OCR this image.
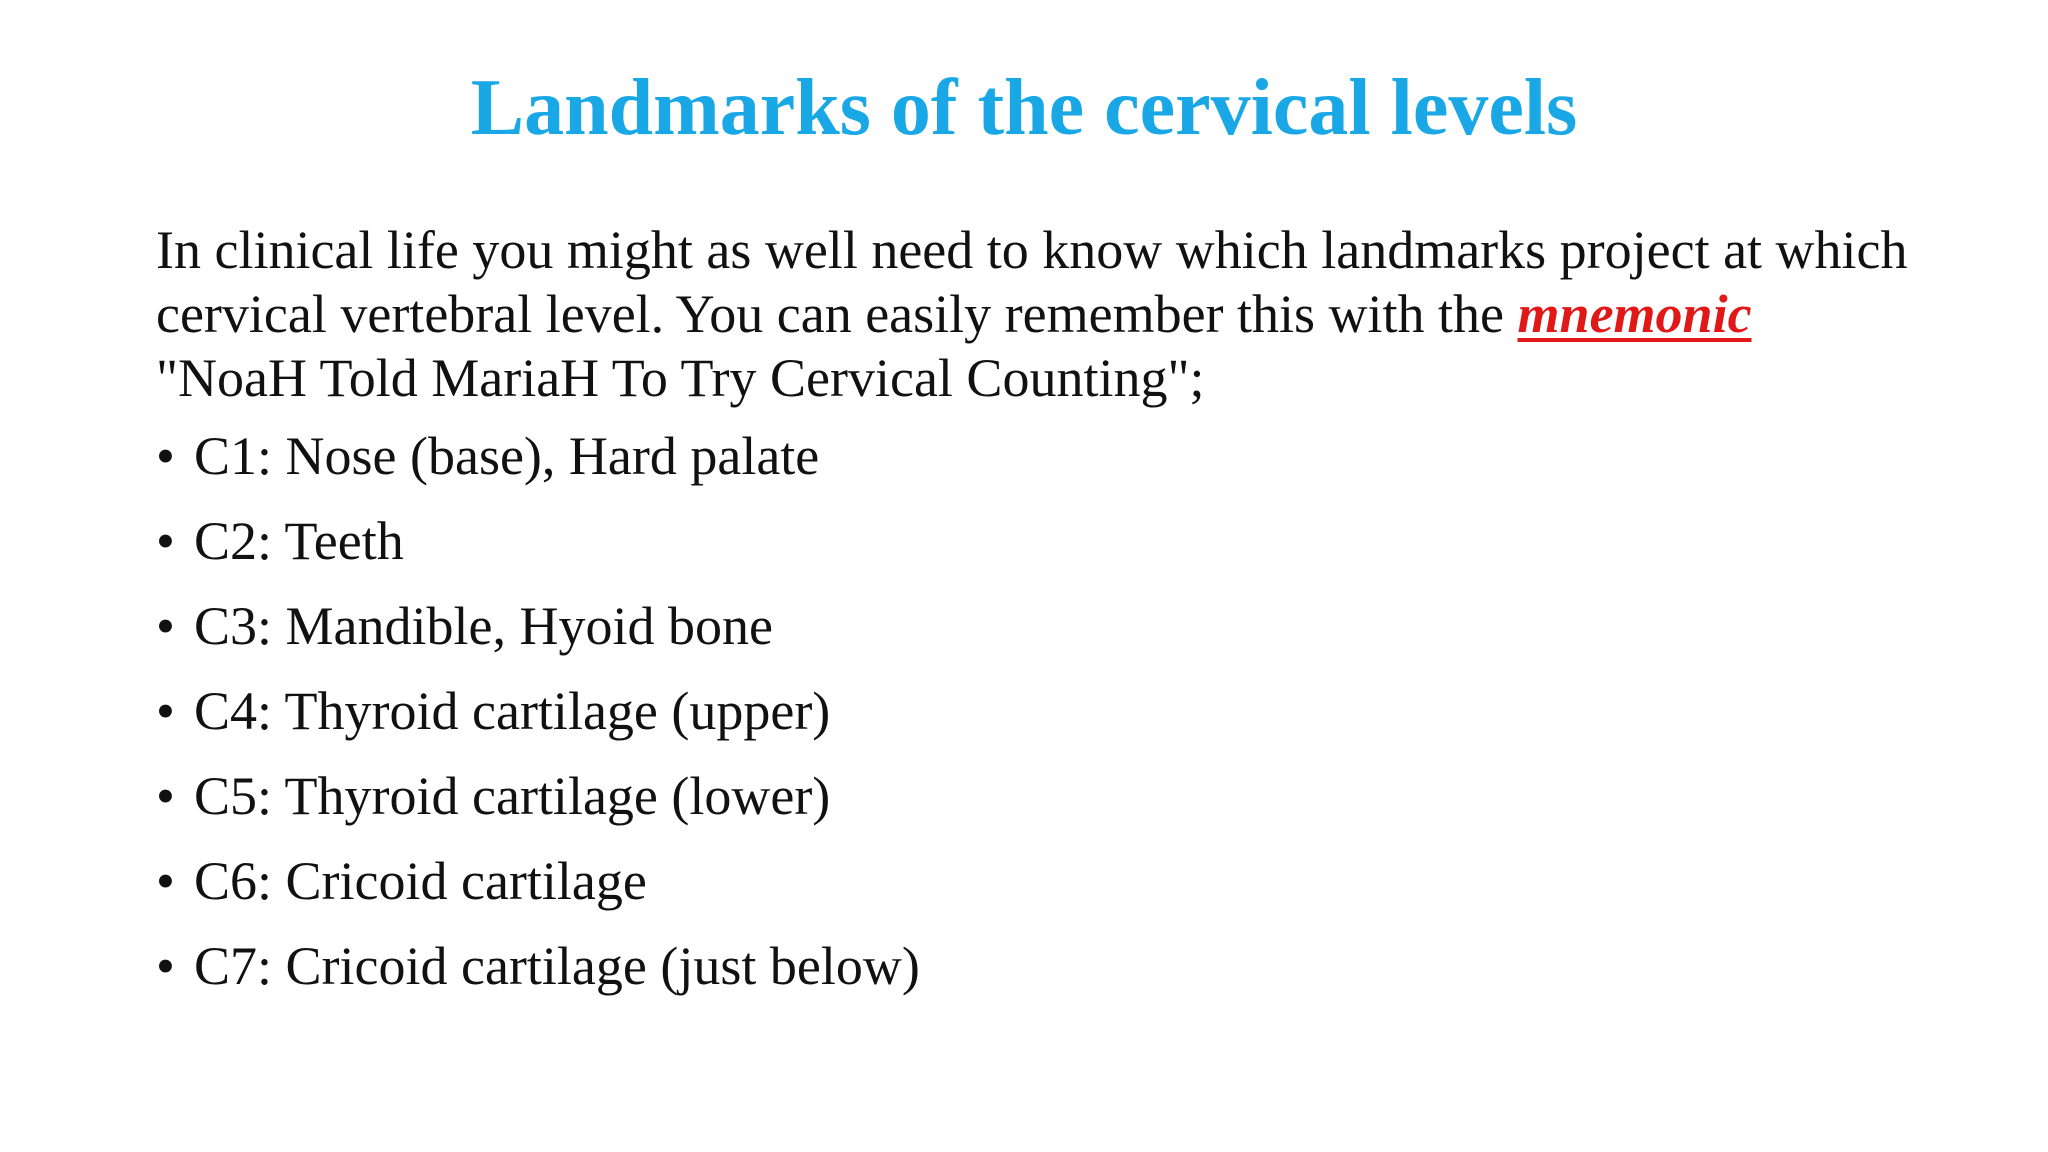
Landmarks of the cervical levels

In clinical life you might as well need to know which landmarks project at which cervical vertebral level. You can easily remember this with the mnemonic "NoaH Told MariaH To Try Cervical Counting";

• C1: Nose (base), Hard palate
• C2: Teeth
• C3: Mandible, Hyoid bone
• C4: Thyroid cartilage (upper)
• C5: Thyroid cartilage (lower)
• C6: Cricoid cartilage
• C7: Cricoid cartilage (just below)
